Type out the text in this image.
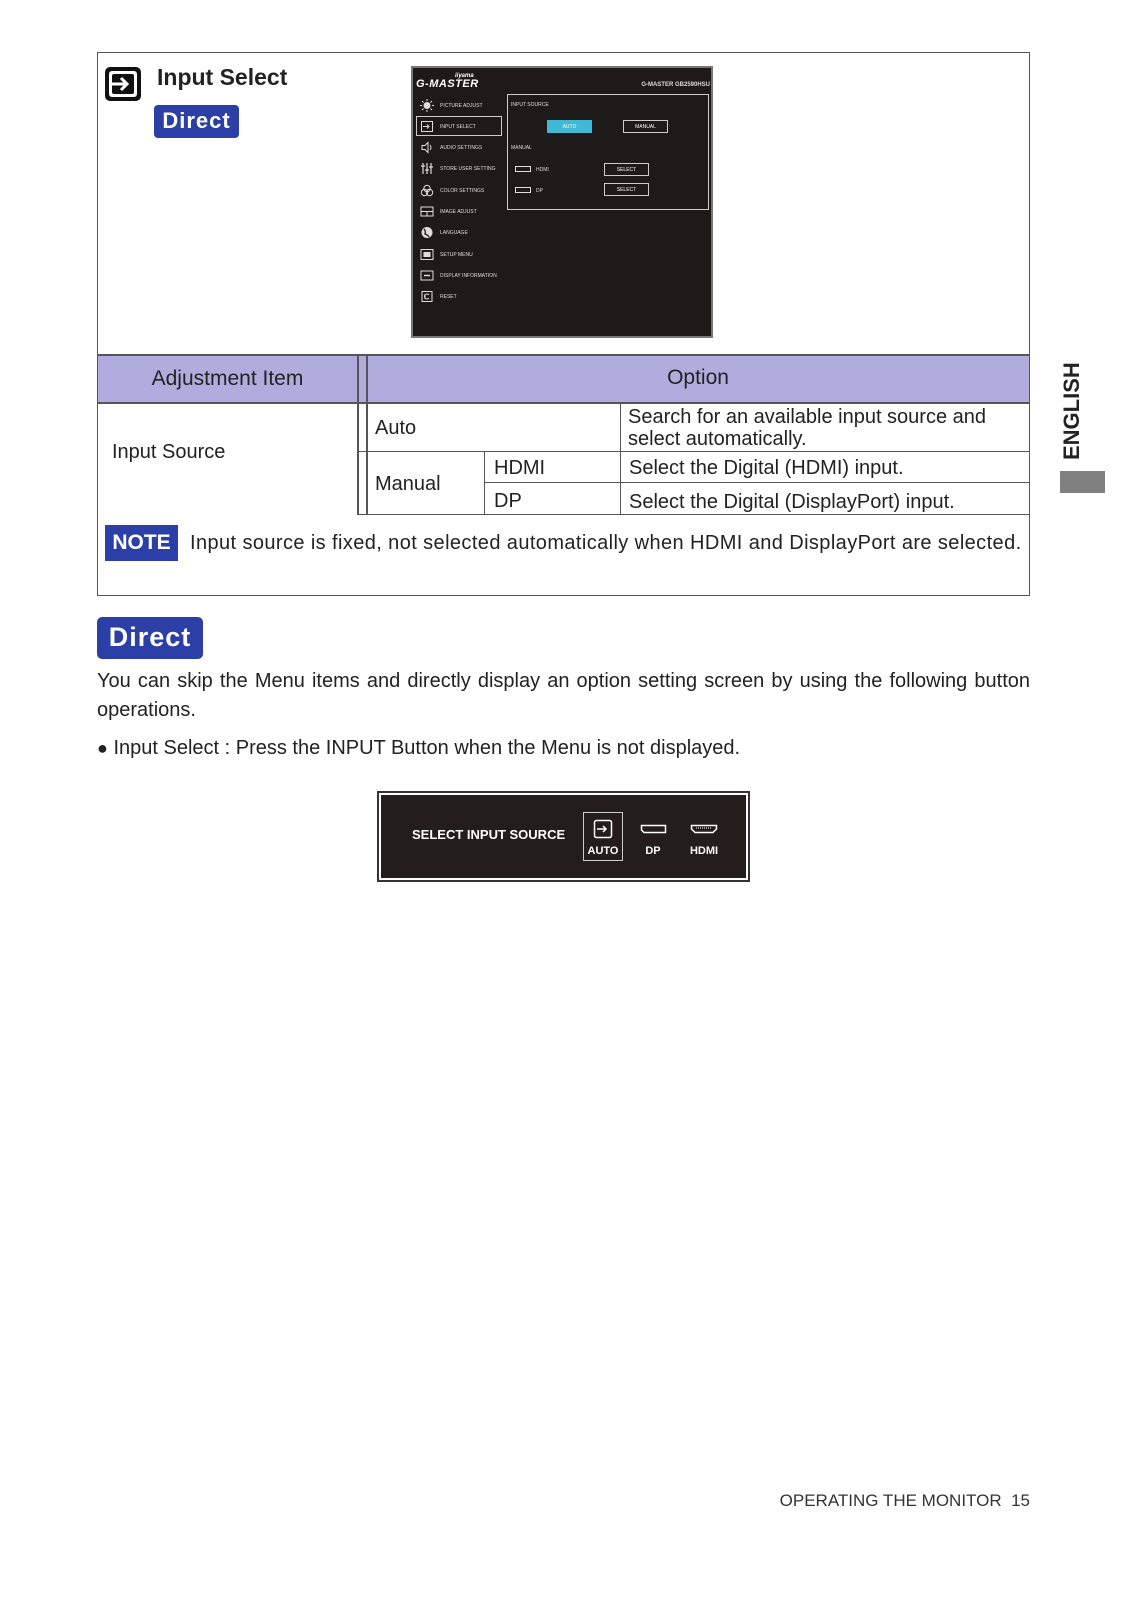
Input Select
Direct
iiyama
G-MASTER	G-MASTER GB2590HSU
PICTURE ADJUST
INPUT SELECT
AUDIO SETTINGS
STORE USER SETTING
COLOR SETTINGS
IMAGE ADJUST
LANGUAGE
SETUP MENU
DISPLAY INFORMATION
RESET
INPUT SOURCE
AUTO	MANUAL
MANUAL
HDMI	SELECT
DP	SELECT
Adjustment Item	Option
Input Source
Auto	Search for an available input source and
select automatically.
Manual
HDMI	Select the Digital (HDMI) input.
DP	Select the Digital (DisplayPort) input.
NOTE Input source is fixed, not selected automatically when HDMI and DisplayPort are selected.
Direct
You can skip the Menu items and directly display an option setting screen by using the following button operations.
● Input Select : Press the INPUT Button when the Menu is not displayed.
SELECT INPUT SOURCE
AUTO	DP	HDMI
ENGLISH
OPERATING THE MONITOR 15
